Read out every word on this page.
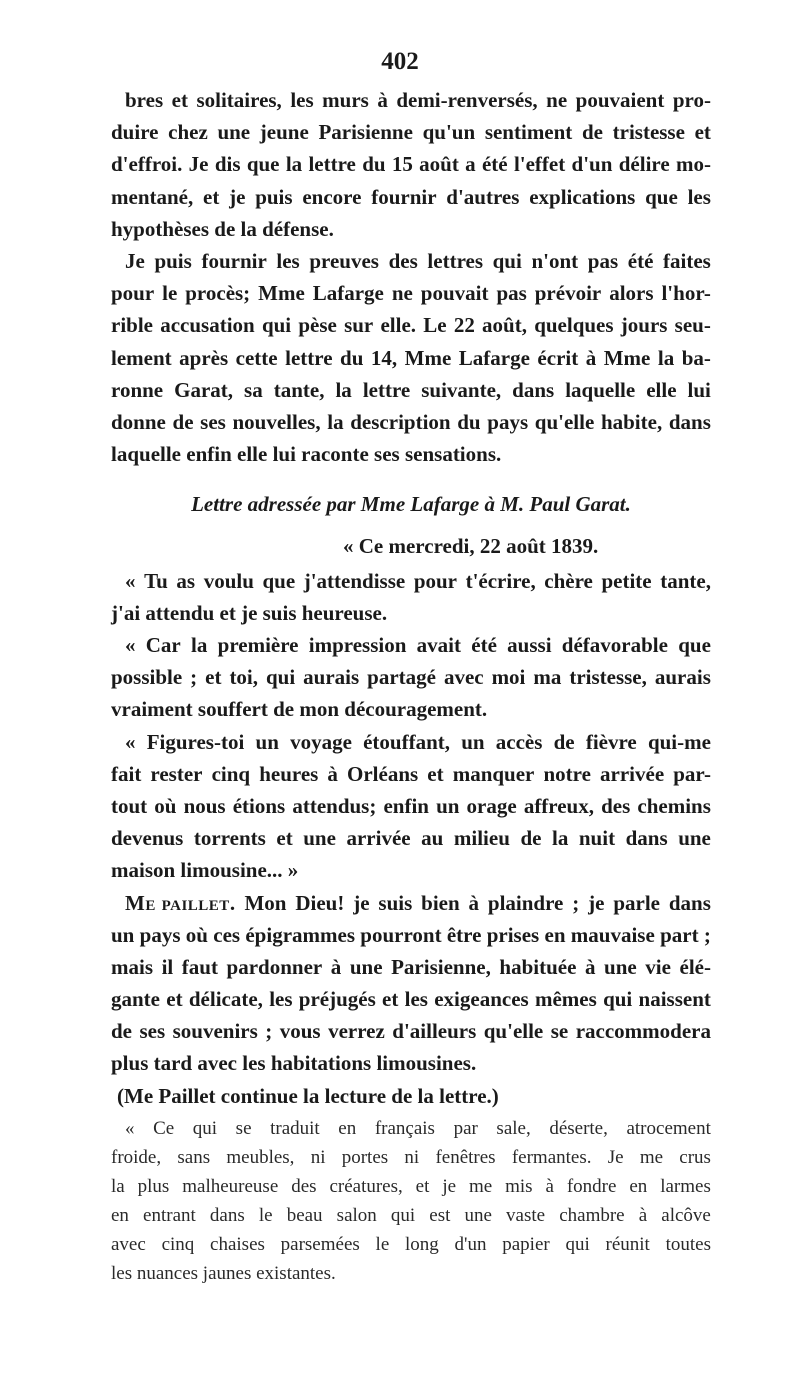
402
bres et solitaires, les murs à demi-renversés, ne pouvaient pro-
duire chez une jeune Parisienne qu'un sentiment de tristesse et
d'effroi. Je dis que la lettre du 15 août a été l'effet d'un délire mo-
mentané, et je puis encore fournir d'autres explications que les
hypothèses de la défense.
Je puis fournir les preuves des lettres qui n'ont pas été faites
pour le procès; Mme Lafarge ne pouvait pas prévoir alors l'hor-
rible accusation qui pèse sur elle. Le 22 août, quelques jours seu-
lement après cette lettre du 14, Mme Lafarge écrit à Mme la ba-
ronne Garat, sa tante, la lettre suivante, dans laquelle elle lui
donne de ses nouvelles, la description du pays qu'elle habite, dans
laquelle enfin elle lui raconte ses sensations.
Lettre adressée par Mme Lafarge à M. Paul Garat.
« Ce mercredi, 22 août 1839.
« Tu as voulu que j'attendisse pour t'écrire, chère petite tante,
j'ai attendu et je suis heureuse.
« Car la première impression avait été aussi défavorable que
possible ; et toi, qui aurais partagé avec moi ma tristesse, aurais
vraiment souffert de mon découragement.
« Figures-toi un voyage étouffant, un accès de fièvre qui-me
fait rester cinq heures à Orléans et manquer notre arrivée par-
tout où nous étions attendus; enfin un orage affreux, des chemins
devenus torrents et une arrivée au milieu de la nuit dans une
maison limousine... »
Me paillet. Mon Dieu! je suis bien à plaindre ; je parle dans
un pays où ces épigrammes pourront être prises en mauvaise part ;
mais il faut pardonner à une Parisienne, habituée à une vie élé-
gante et délicate, les préjugés et les exigeances mêmes qui naissent
de ses souvenirs ; vous verrez d'ailleurs qu'elle se raccommodera
plus tard avec les habitations limousines.
(Me Paillet continue la lecture de la lettre.)
« Ce qui se traduit en français par sale, déserte, atrocement
froide, sans meubles, ni portes ni fenêtres fermantes. Je me crus
la plus malheureuse des créatures, et je me mis à fondre en larmes
en entrant dans le beau salon qui est une vaste chambre à alcôve
avec cinq chaises parsemées le long d'un papier qui réunit toutes
les nuances jaunes existantes.
